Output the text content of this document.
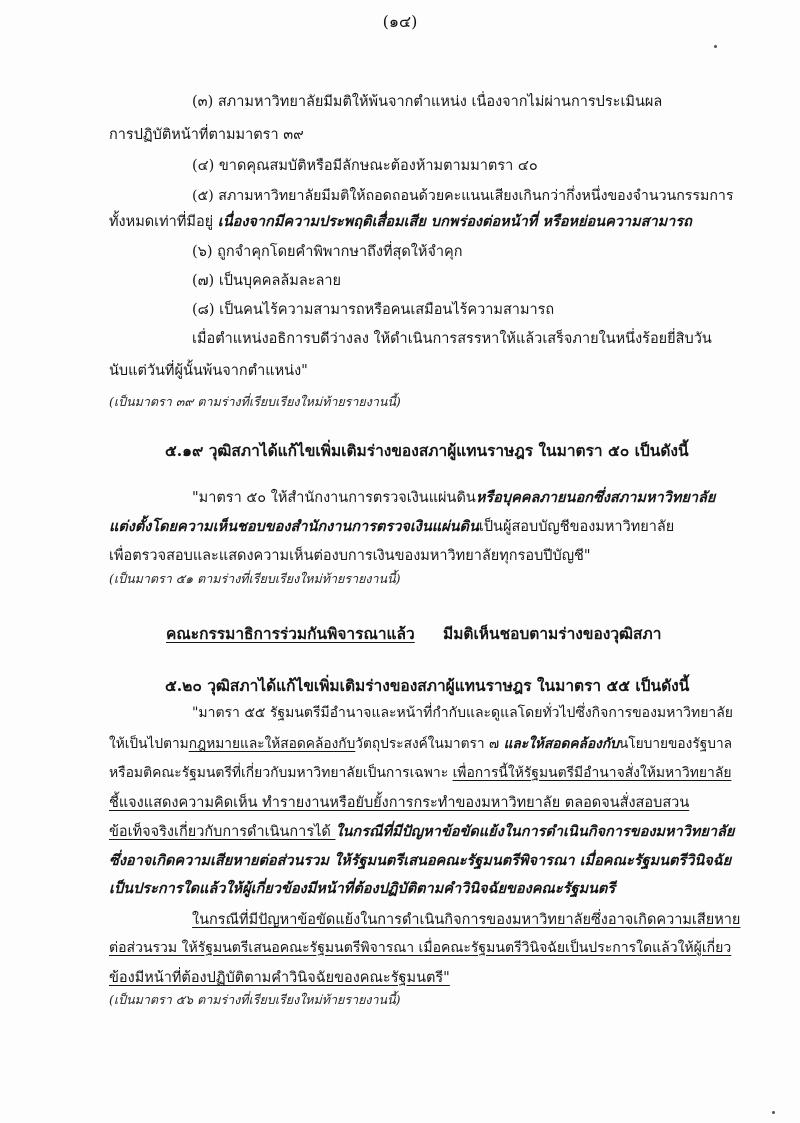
(๑๔)
(๓) สภามหาวิทยาลัยมีมติให้พ้นจากตำแหน่ง เนื่องจากไม่ผ่านการประเมินผล
การปฏิบัติหน้าที่ตามมาตรา ๓๙
(๔) ขาดคุณสมบัติหรือมีลักษณะต้องห้ามตามมาตรา ๔๐
(๕) สภามหาวิทยาลัยมีมติให้ถอดถอนด้วยคะแนนเสียงเกินกว่ากึ่งหนึ่งของจำนวนกรรมการ
ทั้งหมดเท่าที่มีอยู่ เนื่องจากมีความประพฤติเสื่อมเสีย บกพร่องต่อหน้าที่ หรือหย่อนความสามารถ
(๖) ถูกจำคุกโดยคำพิพากษาถึงที่สุดให้จำคุก
(๗) เป็นบุคคลล้มละลาย
(๘) เป็นคนไร้ความสามารถหรือคนเสมือนไร้ความสามารถ
เมื่อตำแหน่งอธิการบดีว่างลง ให้ดำเนินการสรรหาให้แล้วเสร็จภายในหนึ่งร้อยยี่สิบวัน
นับแต่วันที่ผู้นั้นพ้นจากตำแหน่ง"
(เป็นมาตรา ๓๙ ตามร่างที่เรียบเรียงใหม่ท้ายรายงานนี้)
๕.๑๙ วุฒิสภาได้แก้ไขเพิ่มเติมร่างของสภาผู้แทนราษฎร ในมาตรา ๕๐ เป็นดังนี้
"มาตรา ๕๐ ให้สำนักงานการตรวจเงินแผ่นดินหรือบุคคลภายนอกซึ่งสภามหาวิทยาลัย
แต่งตั้งโดยความเห็นชอบของสำนักงานการตรวจเงินแผ่นดินเป็นผู้สอบบัญชีของมหาวิทยาลัย
เพื่อตรวจสอบและแสดงความเห็นต่องบการเงินของมหาวิทยาลัยทุกรอบปีบัญชี"
(เป็นมาตรา ๕๑ ตามร่างที่เรียบเรียงใหม่ท้ายรายงานนี้)
คณะกรรมาธิการร่วมกันพิจารณาแล้ว มีมติเห็นชอบตามร่างของวุฒิสภา
๕.๒๐ วุฒิสภาได้แก้ไขเพิ่มเติมร่างของสภาผู้แทนราษฎร ในมาตรา ๕๕ เป็นดังนี้
"มาตรา ๕๕ รัฐมนตรีมีอำนาจและหน้าที่กำกับและดูแลโดยทั่วไปซึ่งกิจการของมหาวิทยาลัย
ให้เป็นไปตามกฎหมายและให้สอดคล้องกับวัตถุประสงค์ในมาตรา ๗ และให้สอดคล้องกับนโยบายของรัฐบาล
หรือมติคณะรัฐมนตรีที่เกี่ยวกับมหาวิทยาลัยเป็นการเฉพาะ เพื่อการนี้ให้รัฐมนตรีมีอำนาจสั่งให้มหาวิทยาลัย
ชี้แจงแสดงความคิดเห็น ทำรายงานหรือยับยั้งการกระทำของมหาวิทยาลัย ตลอดจนสั่งสอบสวน
ข้อเท็จจริงเกี่ยวกับการดำเนินการได้ ในกรณีที่มีปัญหาข้อขัดแย้งในการดำเนินกิจการของมหาวิทยาลัย
ซึ่งอาจเกิดความเสียหายต่อส่วนรวม ให้รัฐมนตรีเสนอคณะรัฐมนตรีพิจารณา เมื่อคณะรัฐมนตรีวินิจฉัย
เป็นประการใดแล้วให้ผู้เกี่ยวข้องมีหน้าที่ต้องปฏิบัติตามคำวินิจฉัยของคณะรัฐมนตรี
ในกรณีที่มีปัญหาข้อขัดแย้งในการดำเนินกิจการของมหาวิทยาลัยซึ่งอาจเกิดความเสียหาย
ต่อส่วนรวม ให้รัฐมนตรีเสนอคณะรัฐมนตรีพิจารณา เมื่อคณะรัฐมนตรีวินิจฉัยเป็นประการใดแล้วให้ผู้เกี่ยว
ข้องมีหน้าที่ต้องปฏิบัติตามคำวินิจฉัยของคณะรัฐมนตรี"
(เป็นมาตรา ๕๖ ตามร่างที่เรียบเรียงใหม่ท้ายรายงานนี้)
